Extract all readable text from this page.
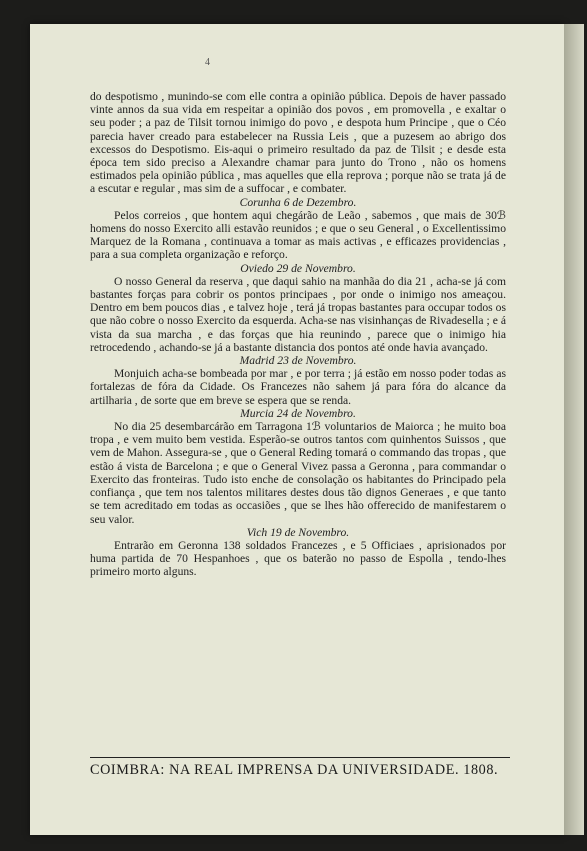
4

do despotismo , munindo-se com elle contra a opinião pública. Depois de haver passado vinte annos da sua vida em respeitar a opinião dos povos , em promovella , e exaltar o seu poder ; a paz de Tilsit tornou inimigo do povo , e despota hum Principe , que o Céo parecia haver creado para estabelecer na Russia Leis , que a puzesem ao abrigo dos excessos do Despotismo. Eis-aqui o primeiro resultado da paz de Tilsit ; e desde esta época tem sido preciso a Alexandre chamar para junto do Trono , não os homens estimados pela opinião pública , mas aquelles que ella reprova ; porque não se trata já de a escutar e regular , mas sim de a suffocar , e combater.

Corunha 6 de Dezembro.

Pelos correios , que hontem aqui chegárão de Leão , sabemos , que mais de 30ℬ homens do nosso Exercito alli estavão reunidos ; e que o seu General , o Excellentissimo Marquez de la Romana , continuava a tomar as mais activas , e efficazes providencias , para a sua completa organização e reforço.

Oviedo 29 de Novembro.

O nosso General da reserva , que daqui sahio na manhãa do dia 21 , acha-se já com bastantes forças para cobrir os pontos principaes , por onde o inimigo nos ameaçou. Dentro em bem poucos dias , e talvez hoje , terá já tropas bastantes para occupar todos os que não cobre o nosso Exercito da esquerda. Acha-se nas visinhanças de Rivadesella ; e á vista da sua marcha , e das forças que hia reunindo , parece que o inimigo hia retrocedendo , achando-se já a bastante distancia dos pontos até onde havia avançado.

Madrid 23 de Novembro.

Monjuich acha-se bombeada por mar , e por terra ; já estão em nosso poder todas as fortalezas de fóra da Cidade. Os Francezes não sahem já para fóra do alcance da artilharia , de sorte que em breve se espera que se renda.

Murcia 24 de Novembro.

No dia 25 desembarcárão em Tarragona 1ℬ voluntarios de Maiorca ; he muito boa tropa , e vem muito bem vestida. Esperão-se outros tantos com quinhentos Suissos , que vem de Mahon. Assegura-se , que o General Reding tomará o commando das tropas , que estão á vista de Barcelona ; e que o General Vivez passa a Geronna , para commandar o Exercito das fronteiras. Tudo isto enche de consolação os habitantes do Principado pela confiança , que tem nos talentos militares destes dous tão dignos Generaes , e que tanto se tem acreditado em todas as occasiões , que se lhes hão offerecido de manifestarem o seu valor.

Vich 19 de Novembro.

Entrarão em Geronna 138 soldados Francezes , e 5 Officiaes , aprisionados por huma partida de 70 Hespanhoes , que os baterão no passo de Espolla , tendo-lhes primeiro morto alguns.

COIMBRA: NA REAL IMPRENSA DA UNIVERSIDADE. 1808.
